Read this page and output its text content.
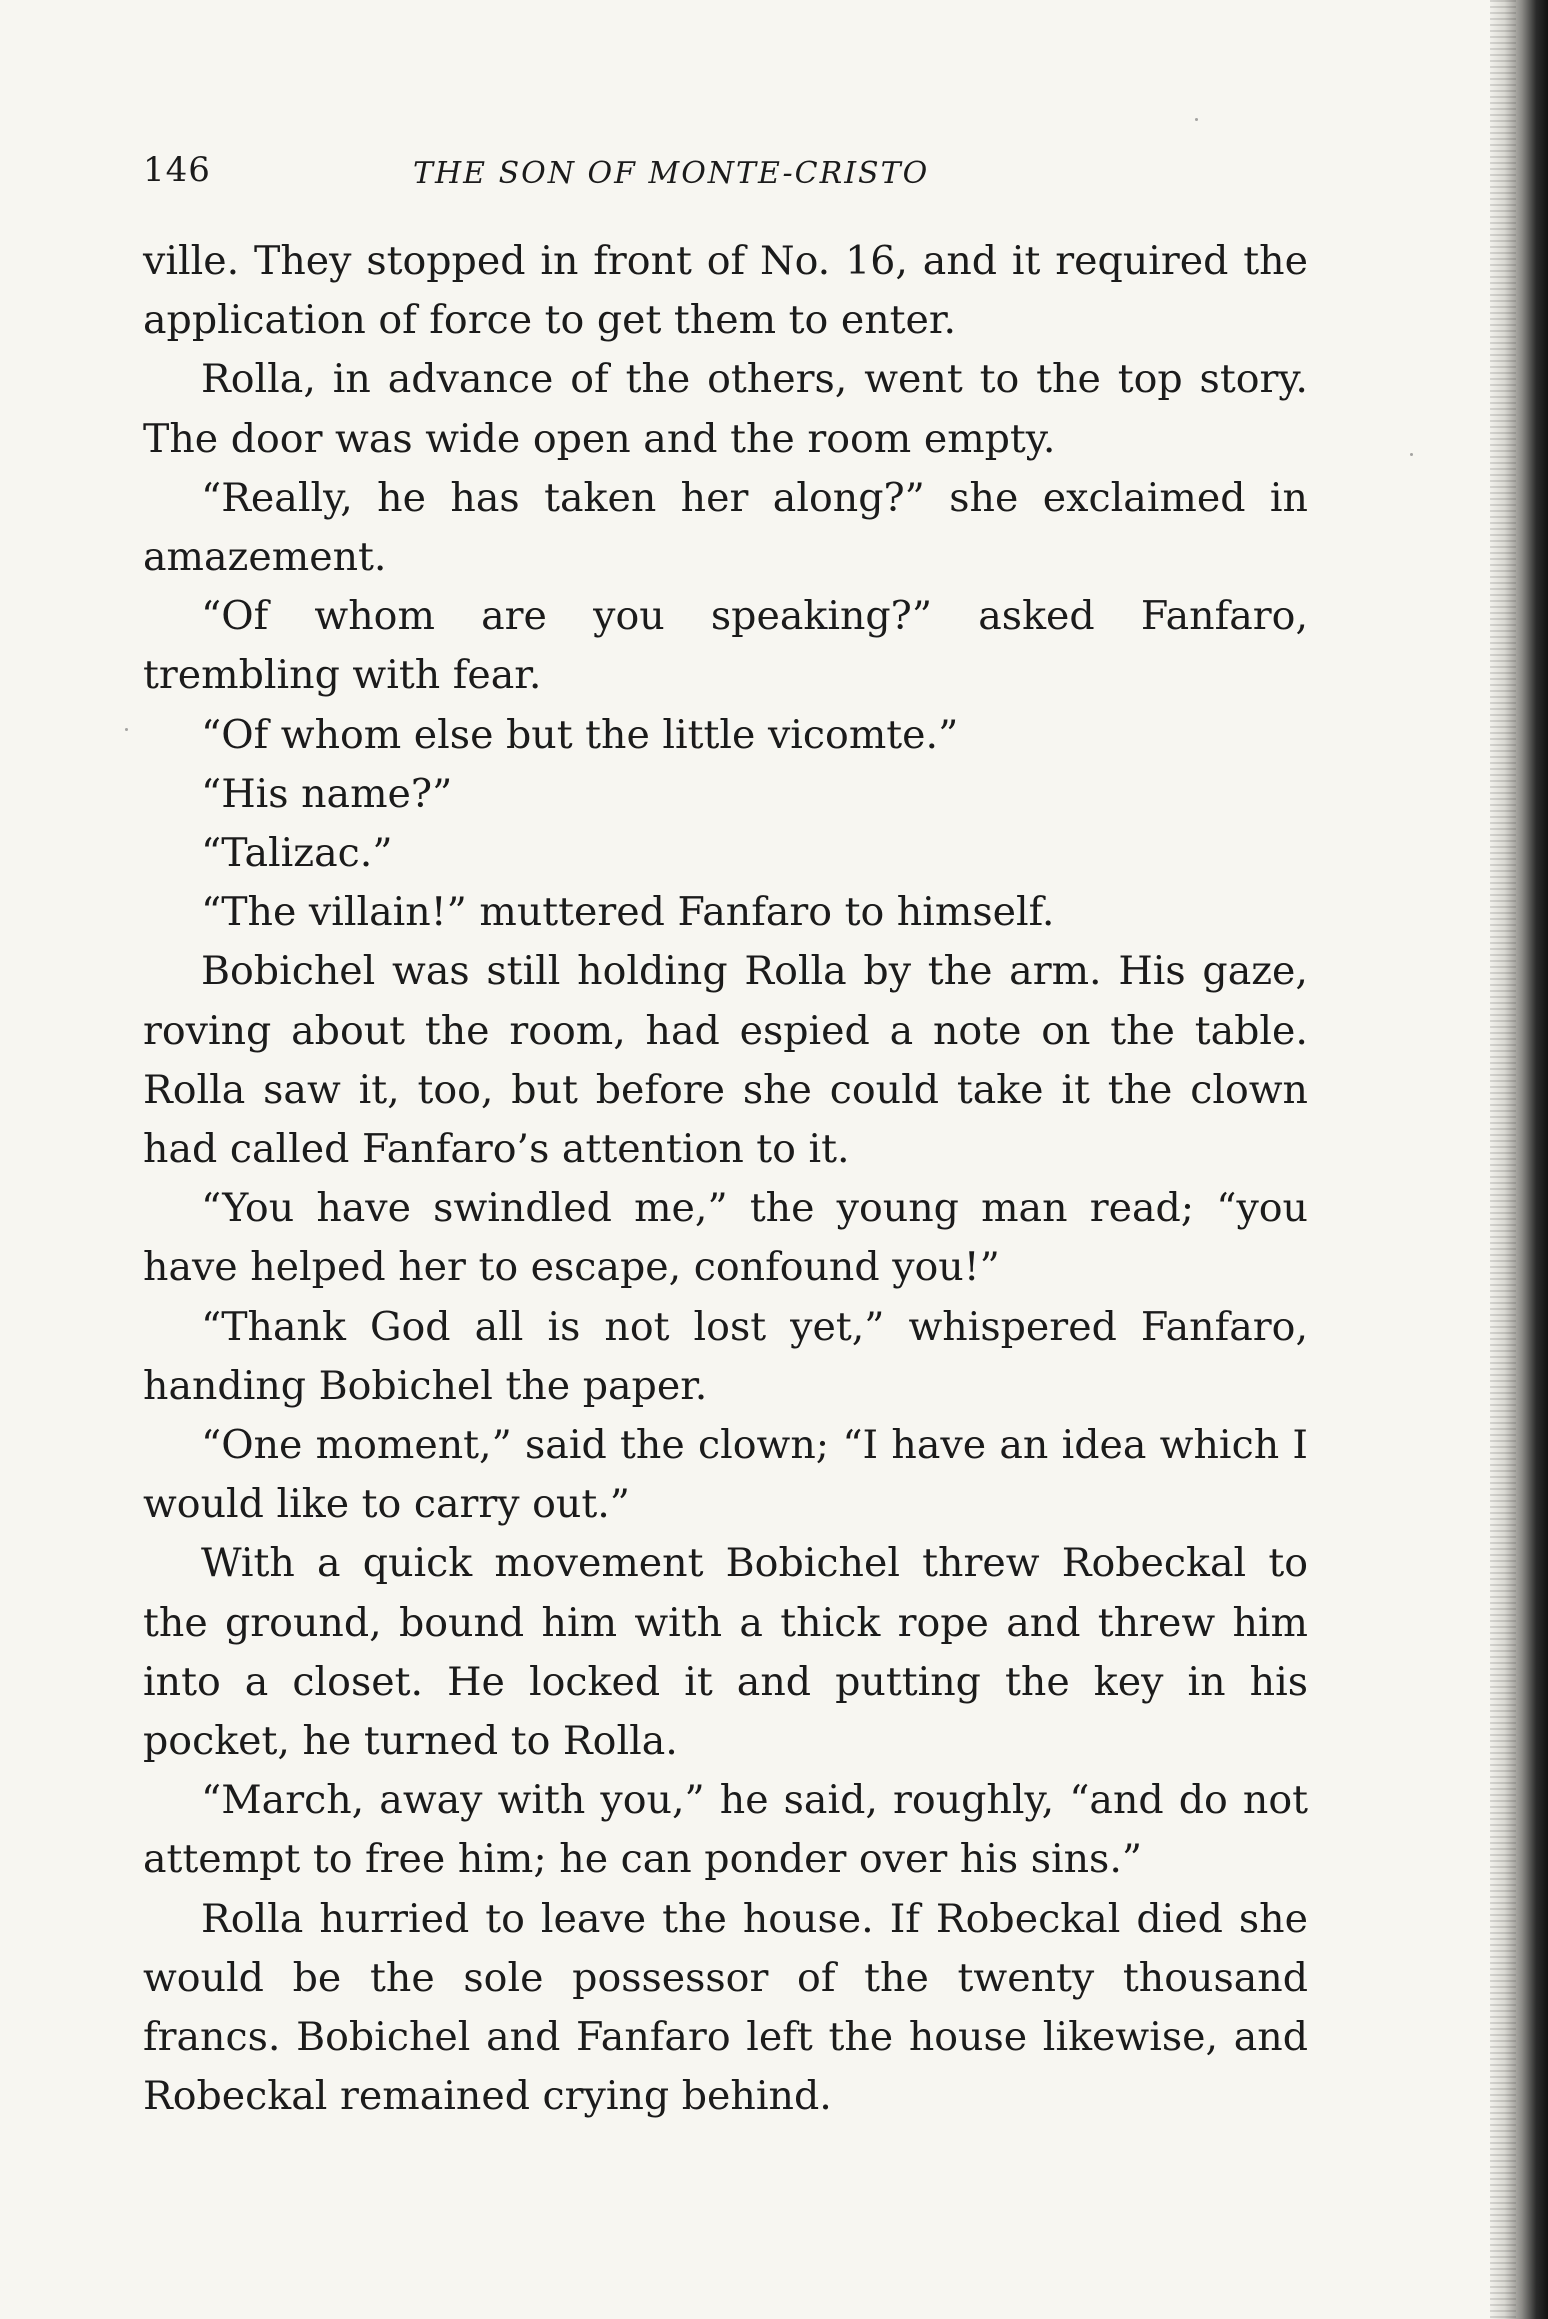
146	THE SON OF MONTE-CRISTO

ville. They stopped in front of No. 16, and it required the application of force to get them to enter.

Rolla, in advance of the others, went to the top story. The door was wide open and the room empty.

“Really, he has taken her along?” she exclaimed in amazement.

“Of whom are you speaking?” asked Fanfaro, trembling with fear.

“Of whom else but the little vicomte.”

“His name?”

“Talizac.”

“The villain!” muttered Fanfaro to himself.

Bobichel was still holding Rolla by the arm. His gaze, roving about the room, had espied a note on the table. Rolla saw it, too, but before she could take it the clown had called Fanfaro’s attention to it.

“You have swindled me,” the young man read; “you have helped her to escape, confound you!”

“Thank God all is not lost yet,” whispered Fanfaro, handing Bobichel the paper.

“One moment,” said the clown; “I have an idea which I would like to carry out.”

With a quick movement Bobichel threw Robeckal to the ground, bound him with a thick rope and threw him into a closet. He locked it and putting the key in his pocket, he turned to Rolla.

“March, away with you,” he said, roughly, “and do not attempt to free him; he can ponder over his sins.”

Rolla hurried to leave the house. If Robeckal died she would be the sole possessor of the twenty thousand francs. Bobichel and Fanfaro left the house likewise, and Robeckal remained crying behind.
